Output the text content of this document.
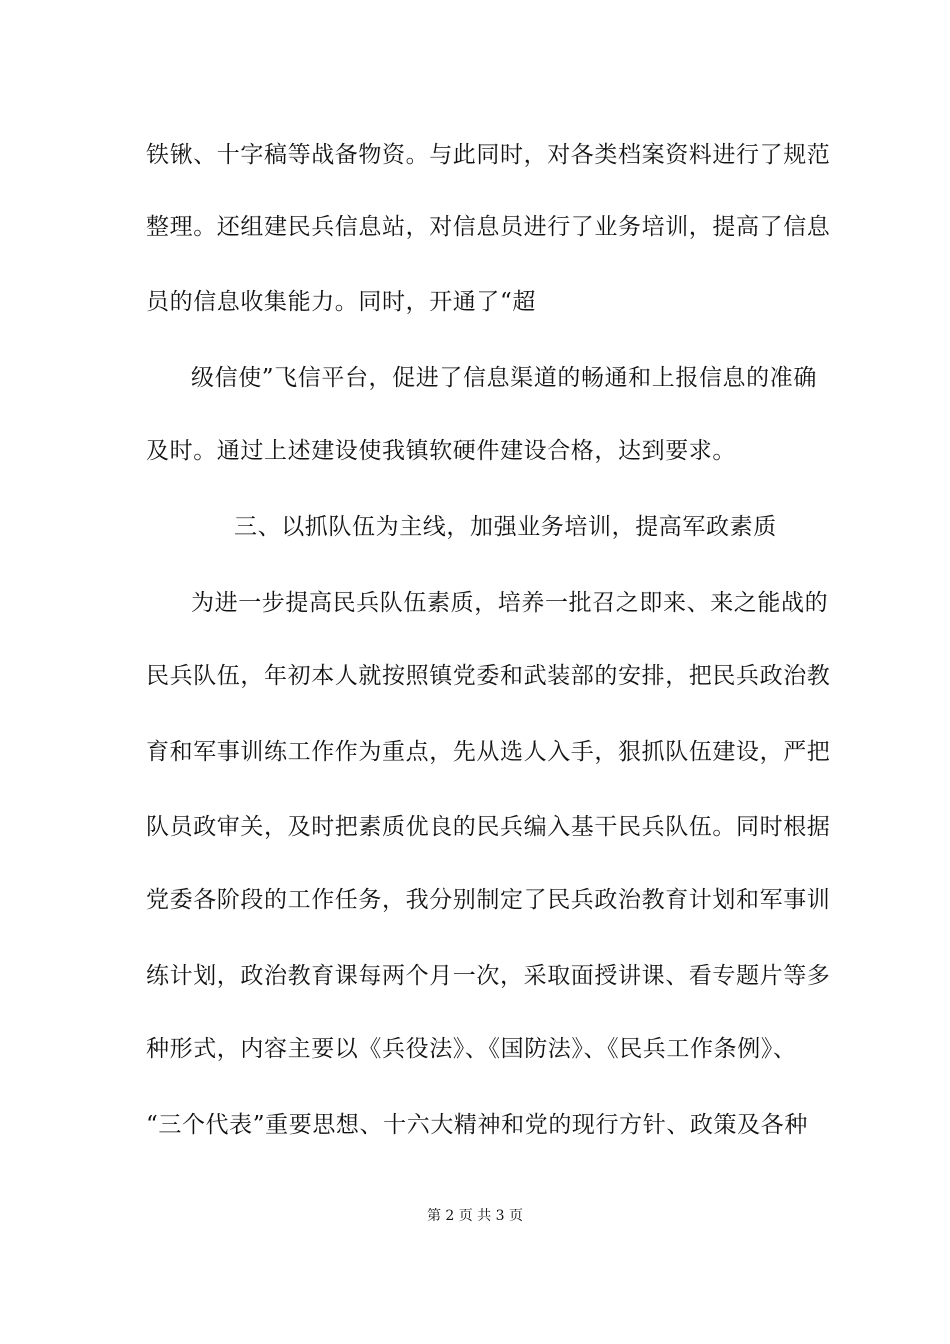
铁锹、十字稿等战备物资。与此同时，对各类档案资料进行了规范
整理。还组建民兵信息站，对信息员进行了业务培训，提高了信息
员的信息收集能力。同时，开通了“超
级信使”飞信平台，促进了信息渠道的畅通和上报信息的准确
及时。通过上述建设使我镇软硬件建设合格，达到要求。
三、以抓队伍为主线，加强业务培训，提高军政素质
为进一步提高民兵队伍素质，培养一批召之即来、来之能战的
民兵队伍，年初本人就按照镇党委和武装部的安排，把民兵政治教
育和军事训练工作作为重点，先从选人入手，狠抓队伍建设，严把
队员政审关，及时把素质优良的民兵编入基干民兵队伍。同时根据
党委各阶段的工作任务，我分别制定了民兵政治教育计划和军事训
练计划，政治教育课每两个月一次，采取面授讲课、看专题片等多
种形式，内容主要以《兵役法》、《国防法》、《民兵工作条例》、
“三个代表”重要思想、十六大精神和党的现行方针、政策及各种
第 2 页 共 3 页
